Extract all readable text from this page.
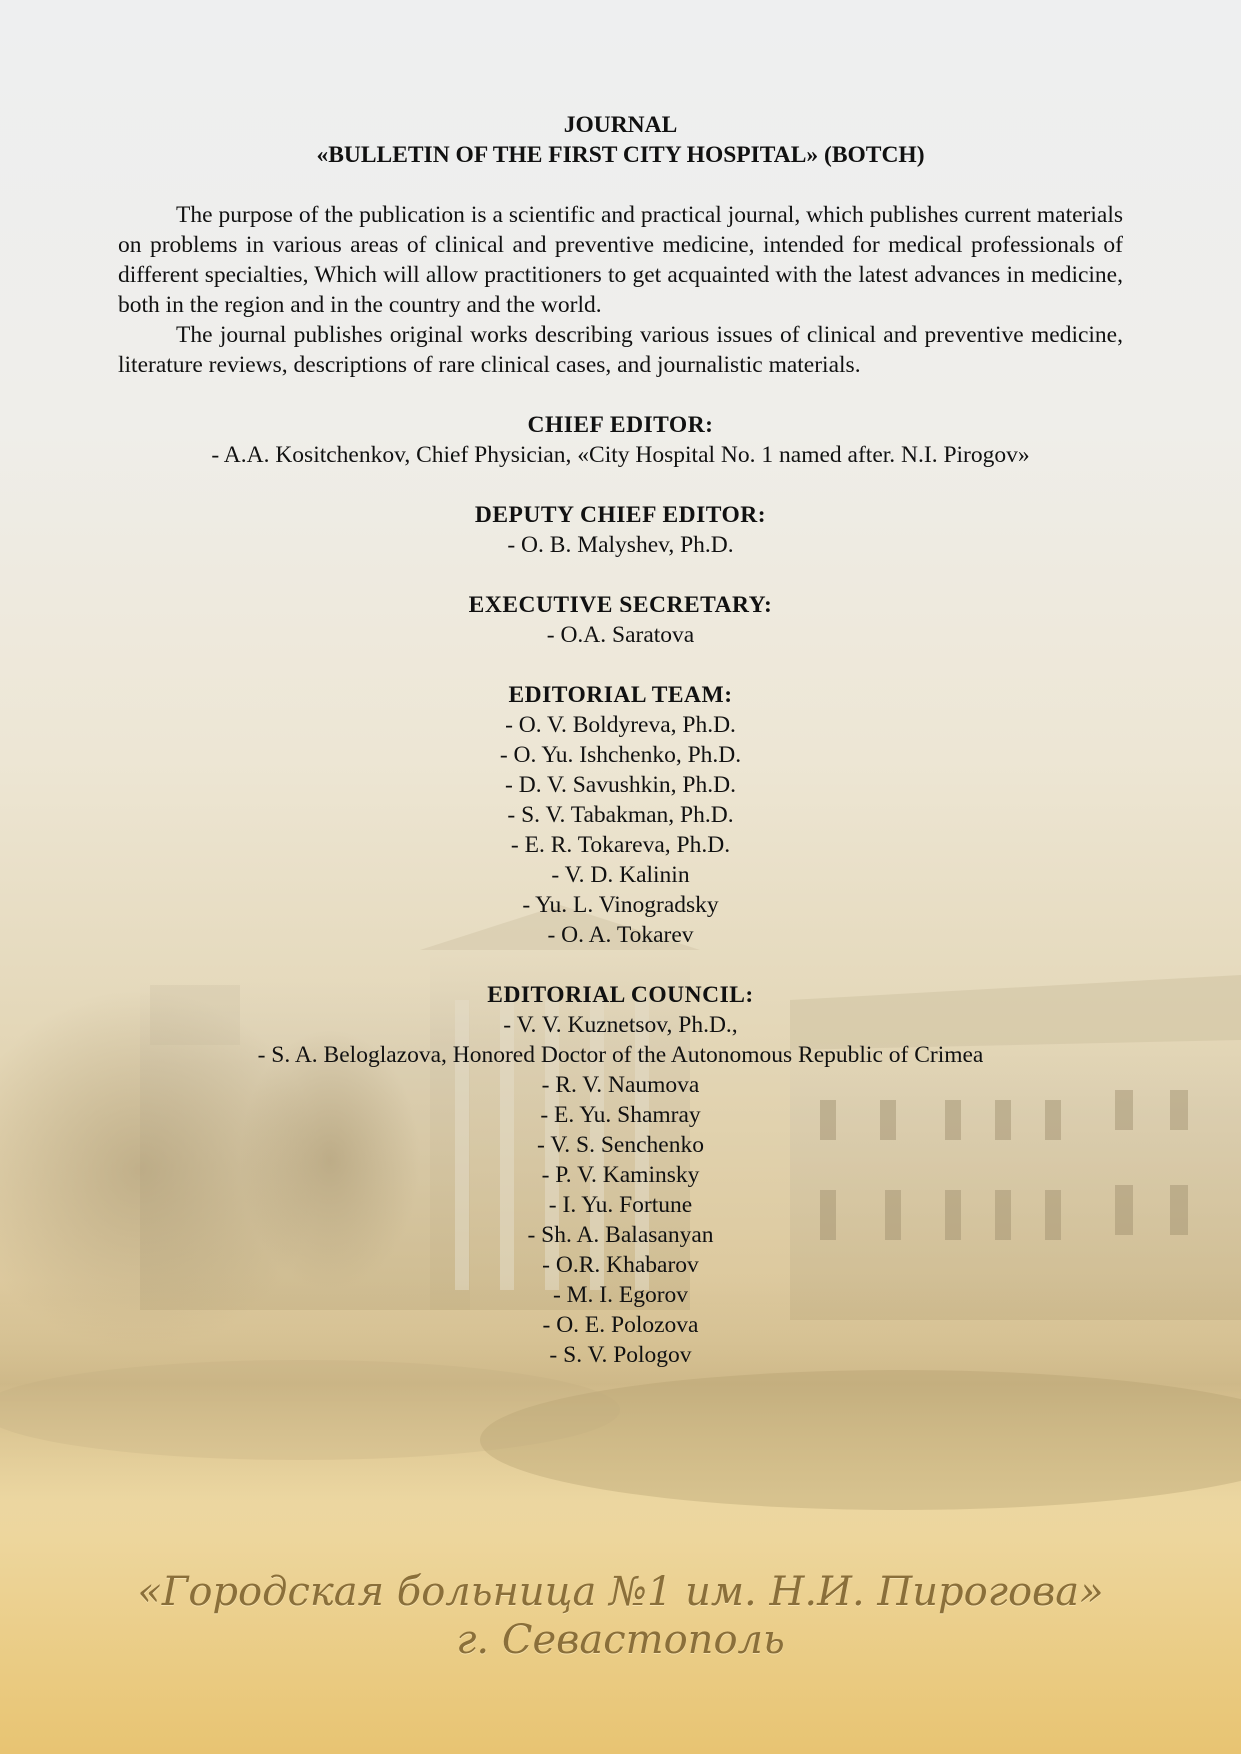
JOURNAL
«BULLETIN OF THE FIRST CITY HOSPITAL» (BOTCH)

The purpose of the publication is a scientific and practical journal, which publishes current materials on problems in various areas of clinical and preventive medicine, intended for medical professionals of different specialties, Which will allow practitioners to get acquainted with the latest advances in medicine, both in the region and in the country and the world.

The journal publishes original works describing various issues of clinical and preventive medicine, literature reviews, descriptions of rare clinical cases, and journalistic materials.

CHIEF EDITOR:
- A.A. Kositchenkov, Chief Physician, «City Hospital No. 1 named after. N.I. Pirogov»
DEPUTY CHIEF EDITOR:
- O. B. Malyshev, Ph.D.
EXECUTIVE SECRETARY:
- O.A. Saratova
EDITORIAL TEAM:
- O. V. Boldyreva, Ph.D.
- O. Yu. Ishchenko, Ph.D.
- D. V. Savushkin, Ph.D.
- S. V. Tabakman, Ph.D.
- E. R. Tokareva, Ph.D.
- V. D. Kalinin
- Yu. L. Vinogradsky
- O. A. Tokarev
EDITORIAL COUNCIL:
- V. V. Kuznetsov, Ph.D.,
- S. A. Beloglazova, Honored Doctor of the Autonomous Republic of Crimea
- R. V. Naumova
- E. Yu. Shamray
- V. S. Senchenko
- P. V. Kaminsky
- I. Yu. Fortune
- Sh. A. Balasanyan
- O.R. Khabarov
- M. I. Egorov
- O. E. Polozova
- S. V. Pologov
«Городская больница №1 им. Н.И. Пирогова»
г. Севастополь
